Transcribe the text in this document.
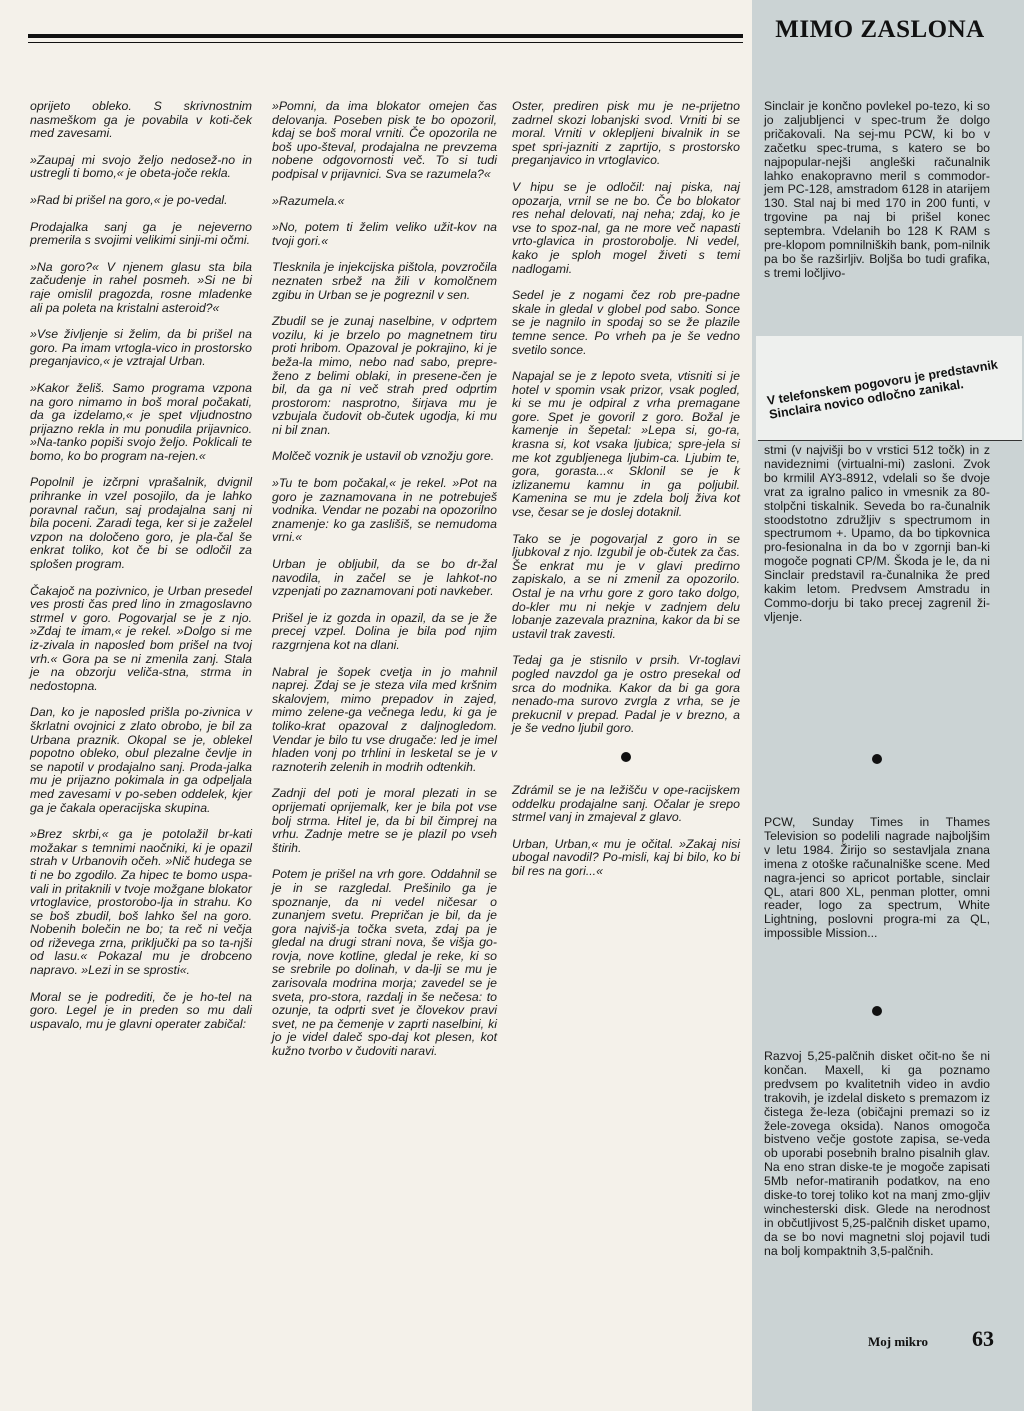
oprijeto obleko. S skrivnostnim nasmeškom ga je povabila v koti-ček med zavesami.

»Zaupaj mi svojo željo nedosež-no in ustregli ti bomo,« je obeta-joče rekla.

»Rad bi prišel na goro,« je po-vedal.

Prodajalka sanj ga je nejeverno premerila s svojimi velikimi sinji-mi očmi.

»Na goro?« V njenem glasu sta bila začudenje in rahel posmeh. »Si ne bi raje omislil pragozda, rosne mladenke ali pa poleta na kristalni asteroid?«

»Vse življenje si želim, da bi prišel na goro. Pa imam vrtogla-vico in prostorsko preganjavico,« je vztrajal Urban.

»Kakor želiš. Samo programa vzpona na goro nimamo in boš moral počakati, da ga izdelamo,« je spet vljudnostno prijazno rekla in mu ponudila prijavnico. »Na-tanko popiši svojo željo. Poklicali te bomo, ko bo program na-rejen.«

Popolnil je izčrpni vprašalnik, dvignil prihranke in vzel posojilo, da je lahko poravnal račun, saj prodajalna sanj ni bila poceni. Zaradi tega, ker si je zaželel vzpon na določeno goro, je pla-čal še enkrat toliko, kot če bi se odločil za splošen program.

Čakajoč na pozivnico, je Urban presedel ves prosti čas pred lino in zmagoslavno strmel v goro. Pogovarjal se je z njo. »Zdaj te imam,« je rekel. »Dolgo si me iz-zivala in naposled bom prišel na tvoj vrh.« Gora pa se ni zmenila zanj. Stala je na obzorju veliča-stna, strma in nedostopna.

Dan, ko je naposled prišla po-zivnica v škrlatni ovojnici z zlato obrobo, je bil za Urbana praznik. Okopal se je, oblekel popotno obleko, obul plezalne čevlje in se napotil v prodajalno sanj. Proda-jalka mu je prijazno pokimala in ga odpeljala med zavesami v po-seben oddelek, kjer ga je čakala operacijska skupina.

»Brez skrbi,« ga je potolažil br-kati možakar s temnimi naočniki, ki je opazil strah v Urbanovih očeh. »Nič hudega se ti ne bo zgodilo. Za hipec te bomo uspa-vali in pritaknili v tvoje možgane blokator vrtoglavice, prostorobo-lja in strahu. Ko se boš zbudil, boš lahko šel na goro. Nobenih bolečin ne bo; ta reč ni večja od riževega zrna, priključki pa so ta-njši od lasu.« Pokazal mu je drobceno napravo. »Lezi in se sprosti«.

Moral se je podrediti, če je ho-tel na goro. Legel je in preden so mu dali uspavalo, mu je glavni operater zabičal:

»Pomni, da ima blokator omejen čas delovanja. Poseben pisk te bo opozoril, kdaj se boš moral vrniti. Če opozorila ne boš upo-števal, prodajalna ne prevzema nobene odgovornosti več. To si tudi podpisal v prijavnici. Sva se razumela?«

»Razumela.«

»No, potem ti želim veliko užit-kov na tvoji gori.«

Tlesknila je injekcijska pištola, povzročila neznaten srbež na žili v komolčnem zgibu in Urban se je pogreznil v sen.

Zbudil se je zunaj naselbine, v odprtem vozilu, ki je brzelo po magnetnem tiru proti hribom. Opazoval je pokrajino, ki je beža-la mimo, nebo nad sabo, prepre-ženo z belimi oblaki, in presene-čen je bil, da ga ni več strah pred odprtim prostorom: nasprotno, širjava mu je vzbujala čudovit ob-čutek ugodja, ki mu ni bil znan.

Molčeč voznik je ustavil ob vznožju gore.

»Tu te bom počakal,« je rekel. »Pot na goro je zaznamovana in ne potrebuješ vodnika. Vendar ne pozabi na opozorilno znamenje: ko ga zaslišiš, se nemudoma vrni.«

Urban je obljubil, da se bo dr-žal navodila, in začel se je lahkot-no vzpenjati po zaznamovani poti navkeber.

Prišel je iz gozda in opazil, da se je že precej vzpel. Dolina je bila pod njim razgrnjena kot na dlani.

Nabral je šopek cvetja in jo mahnil naprej. Zdaj se je steza vila med kršnim skalovjem, mimo prepadov in zajed, mimo zelene-ga večnega ledu, ki ga je toliko-krat opazoval z daljnogledom. Vendar je bilo tu vse drugače: led je imel hladen vonj po trhlini in lesketal se je v raznoterih zelenih in modrih odtenkih.

Zadnji del poti je moral plezati in se oprijemati oprijemalk, ker je bila pot vse bolj strma. Hitel je, da bi bil čimprej na vrhu. Zadnje metre se je plazil po vseh štirih.

Potem je prišel na vrh gore. Oddahnil se je in se razgledal. Prešinilo ga je spoznanje, da ni vedel ničesar o zunanjem svetu. Prepričan je bil, da je gora najviš-ja točka sveta, zdaj pa je gledal na drugi strani nova, še višja go-rovja, nove kotline, gledal je reke, ki so se srebrile po dolinah, v da-lji se mu je zarisovala modrina morja; zavedel se je sveta, pro-stora, razdalj in še nečesa: to ozunje, ta odprti svet je človekov pravi svet, ne pa čemenje v zaprti naselbini, ki jo je videl daleč spo-daj kot plesen, kot kužno tvorbo v čudoviti naravi.

Oster, prediren pisk mu je ne-prijetno zadrnel skozi lobanjski svod. Vrniti bi se moral. Vrniti v oklepljeni bivalnik in se spet spri-jazniti z zaprtijo, s prostorsko preganjavico in vrtoglavico.

V hipu se je odločil: naj piska, naj opozarja, vrnil se ne bo. Če bo blokator res nehal delovati, naj neha; zdaj, ko je vse to spoz-nal, ga ne more več napasti vrto-glavica in prostorobolje. Ni vedel, kako je sploh mogel živeti s temi nadlogami.

Sedel je z nogami čez rob pre-padne skale in gledal v globel pod sabo. Sonce se je nagnilo in spodaj so se že plazile temne sence. Po vrheh pa je še vedno svetilo sonce.

Napajal se je z lepoto sveta, vtisniti si je hotel v spomin vsak prizor, vsak pogled, ki se mu je odpiral z vrha premagane gore. Spet je govoril z goro. Božal je kamenje in šepetal: »Lepa si, go-ra, krasna si, kot vsaka ljubica; spre-jela si me kot zgubljenega ljubim-ca. Ljubim te, gora, gorasta...« Sklonil se je k izlizanemu kamnu in ga poljubil. Kamenina se mu je zdela bolj živa kot vse, česar se je doslej dotaknil.

Tako se je pogovarjal z goro in se ljubkoval z njo. Izgubil je ob-čutek za čas. Še enkrat mu je v glavi predirno zapiskalo, a se ni zmenil za opozorilo. Ostal je na vrhu gore z goro tako dolgo, do-kler mu ni nekje v zadnjem delu lobanje zazevala praznina, kakor da bi se ustavil trak zavesti.

Tedaj ga je stisnilo v prsih. Vr-toglavi pogled navzdol ga je ostro presekal od srca do modnika. Kakor da bi ga gora nenado-ma surovo zvrgla z vrha, se je prekucnil v prepad. Padal je v brezno, a je še vedno ljubil goro.

Zdrámil se je na ležišču v ope-racijskem oddelku prodajalne sanj. Očalar je srepo strmel vanj in zmajeval z glavo.

Urban, Urban,« mu je očital. »Zakaj nisi ubogal navodil? Po-misli, kaj bi bilo, ko bi bil res na gori...«

MIMO ZASLONA

Sinclair je končno povlekel po-tezo, ki so jo zaljubljenci v spec-trum že dolgo pričakovali. Na sej-mu PCW, ki bo v začetku spec-truma, s katero se bo najpopular-nejši angleški računalnik lahko enakopravno meril s commodor-jem PC-128, amstradom 6128 in atarijem 130. Stal naj bi med 170 in 200 funti, v trgovine pa naj bi prišel konec septembra. Vdelanih bo 128 K RAM s pre-klopom pomnilniških bank, pom-nilnik pa bo še razširljiv. Boljša bo tudi grafika, s tremi ločljivo-

V telefonskem pogovoru je predstavnik Sinclaira novico odločno zanikal.

stmi (v najvišji bo v vrstici 512 točk) in z navideznimi (virtualni-mi) zasloni. Zvok bo krmilil AY3-8912, vdelali so še dvoje vrat za igralno palico in vmesnik za 80-stolpčni tiskalnik. Seveda bo ra-čunalnik stoodstotno združljiv s spectrumom in spectrumom +. Upamo, da bo tipkovnica pro-fesionalna in da bo v zgornji ban-ki mogoče pognati CP/M. Škoda je le, da ni Sinclair predstavil ra-čunalnika že pred kakim letom. Predvsem Amstradu in Commo-dorju bi tako precej zagrenil ži-vljenje.

PCW, Sunday Times in Thames Television so podelili nagrade najboljšim v letu 1984. Žirijo so sestavljala znana imena z otoške računalniške scene. Med nagra-jenci so apricot portable, sinclair QL, atari 800 XL, penman plotter, omni reader, logo za spectrum, White Lightning, poslovni progra-mi za QL, impossible Mission...

Razvoj 5,25-palčnih disket očit-no še ni končan. Maxell, ki ga poznamo predvsem po kvalitetnih video in avdio trakovih, je izdelal disketo s premazom iz čistega že-leza (običajni premazi so iz žele-zovega oksida). Nanos omogoča bistveno večje gostote zapisa, se-veda ob uporabi posebnih bralno pisalnih glav. Na eno stran diske-te je mogoče zapisati 5Mb nefor-matiranih podatkov, na eno diske-to torej toliko kot na manj zmo-gljiv winchesterski disk. Glede na nerodnost in občutljivost 5,25-palčnih disket upamo, da se bo novi magnetni sloj pojavil tudi na bolj kompaktnih 3,5-palčnih.

Moj mikro 63
